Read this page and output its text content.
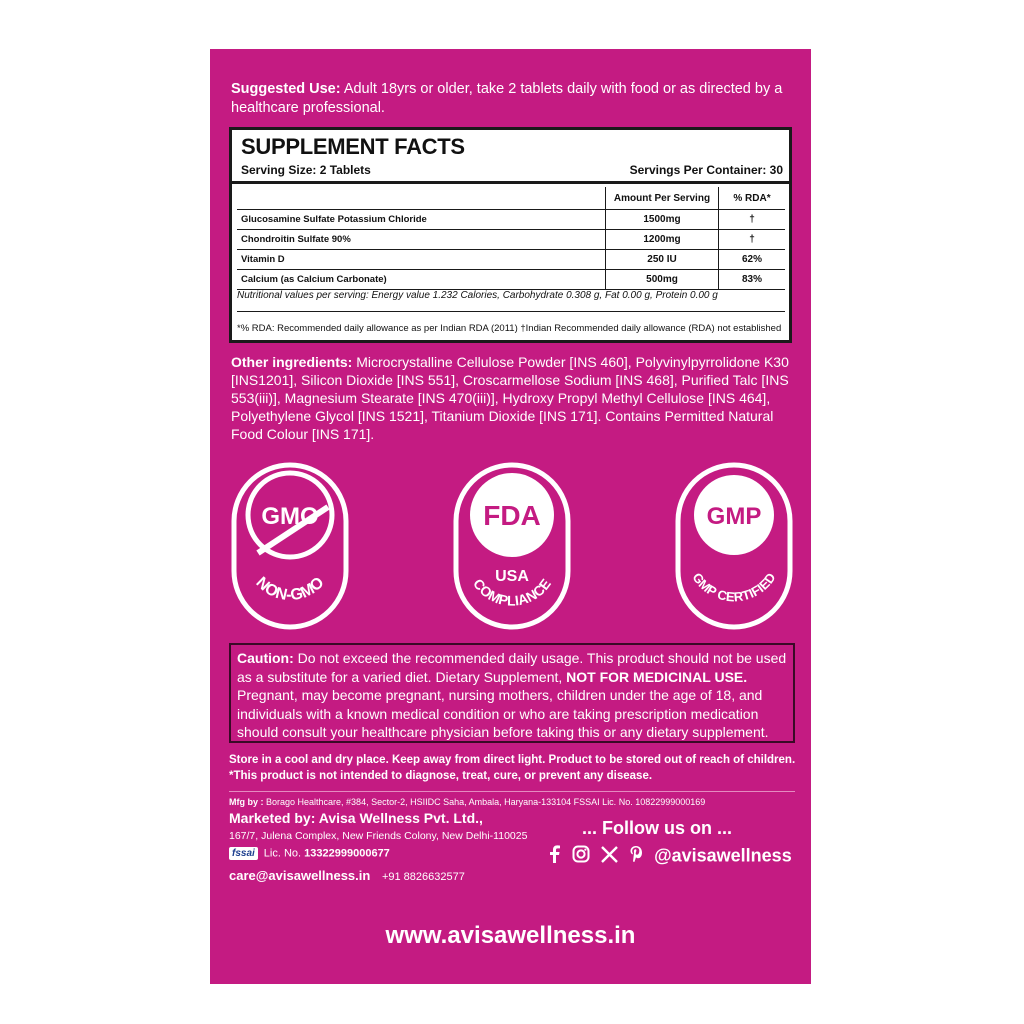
Suggested Use: Adult 18yrs or older, take 2 tablets daily with food or as directed by a healthcare professional.
SUPPLEMENT FACTS
Serving Size: 2 Tablets	Servings Per Container: 30
	Amount Per Serving	% RDA*
Glucosamine Sulfate Potassium Chloride	1500mg	†
Chondroitin Sulfate 90%	1200mg	†
Vitamin D	250 IU	62%
Calcium (as Calcium Carbonate)	500mg	83%
Nutritional values per serving: Energy value 1.232 Calories, Carbohydrate 0.308 g, Fat 0.00 g, Protein 0.00 g
*% RDA: Recommended daily allowance as per Indian RDA (2011) †Indian Recommended daily allowance (RDA) not established
Other ingredients: Microcrystalline Cellulose Powder [INS 460], Polyvinylpyrrolidone K30 [INS1201], Silicon Dioxide [INS 551], Croscarmellose Sodium [INS 468], Purified Talc [INS 553(iii)], Magnesium Stearate [INS 470(iii)], Hydroxy Propyl Methyl Cellulose [INS 464], Polyethylene Glycol [INS 1521], Titanium Dioxide [INS 171]. Contains Permitted Natural Food Colour [INS 171].
GMO
NON-GMO
FDA
USA
COMPLIANCE
GMP
GMP CERTIFIED
Caution: Do not exceed the recommended daily usage. This product should not be used as a substitute for a varied diet. Dietary Supplement, NOT FOR MEDICINAL USE. Pregnant, may become pregnant, nursing mothers, children under the age of 18, and individuals with a known medical condition or who are taking prescription medication should consult your healthcare physician before taking this or any dietary supplement.
Store in a cool and dry place. Keep away from direct light. Product to be stored out of reach of children.
*This product is not intended to diagnose, treat, cure, or prevent any disease.
Mfg by : Borago Healthcare, #384, Sector-2, HSIIDC Saha, Ambala, Haryana-133104 FSSAI Lic. No. 10822999000169
Marketed by: Avisa Wellness Pvt. Ltd.,
167/7, Julena Complex, New Friends Colony, New Delhi-110025
fssai Lic. No. 13322999000677
care@avisawellness.in +91 8826632577
... Follow us on ...
@avisawellness
www.avisawellness.in
